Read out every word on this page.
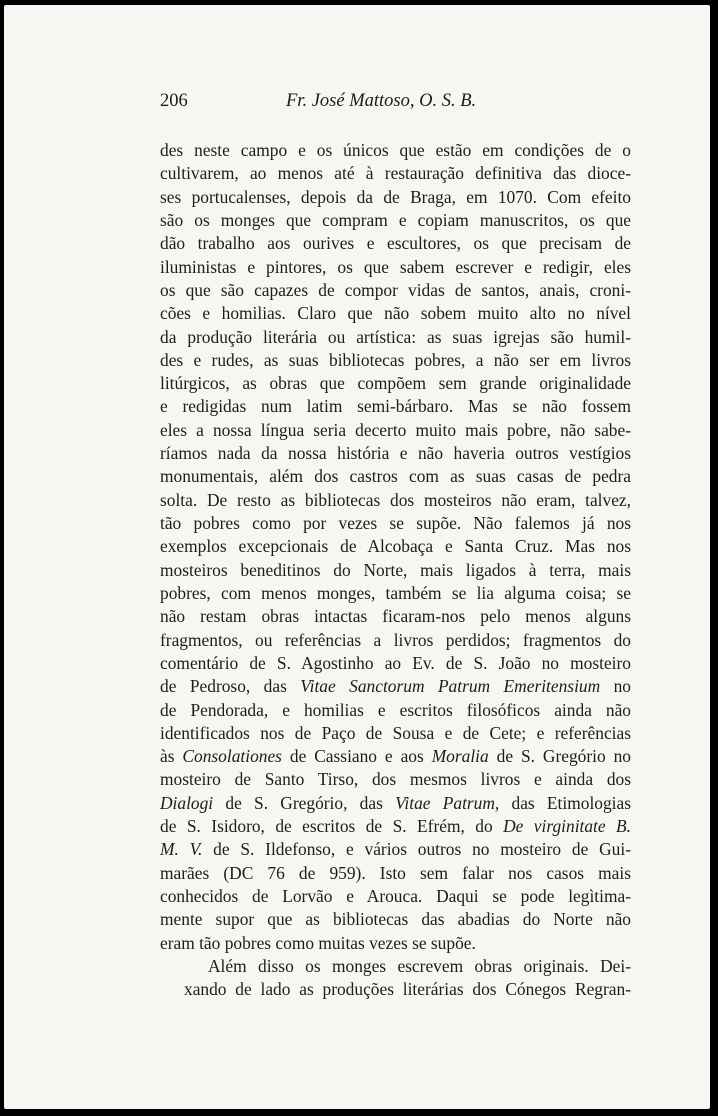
206	Fr. José Mattoso, O. S. B.
des neste campo e os únicos que estão em condições de o
cultivarem, ao menos até à restauração definitiva das dioce-
ses portucalenses, depois da de Braga, em 1070. Com efeito
são os monges que compram e copiam manuscritos, os que
dão trabalho aos ourives e escultores, os que precisam de
iluministas e pintores, os que sabem escrever e redigir, eles
os que são capazes de compor vidas de santos, anais, croni-
cões e homilias. Claro que não sobem muito alto no nível
da produção literária ou artística: as suas igrejas são humil-
des e rudes, as suas bibliotecas pobres, a não ser em livros
litúrgicos, as obras que compõem sem grande originalidade
e redigidas num latim semi-bárbaro. Mas se não fossem
eles a nossa língua seria decerto muito mais pobre, não sabe-
ríamos nada da nossa história e não haveria outros vestígios
monumentais, além dos castros com as suas casas de pedra
solta. De resto as bibliotecas dos mosteiros não eram, talvez,
tão pobres como por vezes se supõe. Não falemos já nos
exemplos excepcionais de Alcobaça e Santa Cruz. Mas nos
mosteiros beneditinos do Norte, mais ligados à terra, mais
pobres, com menos monges, também se lia alguma coisa; se
não restam obras intactas ficaram-nos pelo menos alguns
fragmentos, ou referências a livros perdidos; fragmentos do
comentário de S. Agostinho ao Ev. de S. João no mosteiro
de Pedroso, das Vitae Sanctorum Patrum Emeritensium no
de Pendorada, e homilias e escritos filosóficos ainda não
identificados nos de Paço de Sousa e de Cete; e referências
às Consolationes de Cassiano e aos Moralia de S. Gregório no
mosteiro de Santo Tirso, dos mesmos livros e ainda dos
Dialogi de S. Gregório, das Vitae Patrum, das Etimologias
de S. Isidoro, de escritos de S. Efrém, do De virginitate B.
M. V. de S. Ildefonso, e vários outros no mosteiro de Gui-
marães (DC 76 de 959). Isto sem falar nos casos mais
conhecidos de Lorvão e Arouca. Daqui se pode legìtima-
mente supor que as bibliotecas das abadias do Norte não
eram tão pobres como muitas vezes se supõe.
Além disso os monges escrevem obras originais. Dei-
xando de lado as produções literárias dos Cónegos Regran-
